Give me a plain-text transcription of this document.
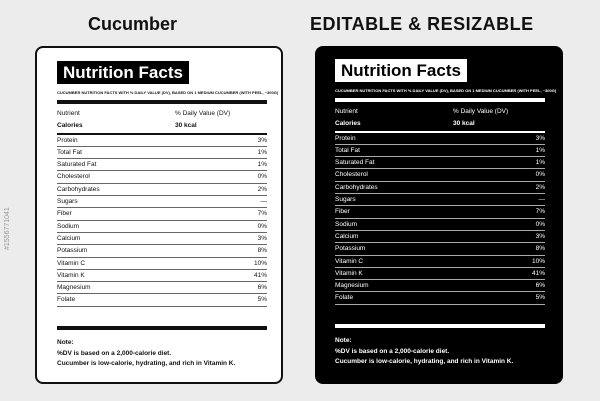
Cucumber	EDITABLE & RESIZABLE
Nutrition Facts
CUCUMBER NUTRITION FACTS WITH % DAILY VALUE (DV), BASED ON 1 MEDIUM CUCUMBER (WITH PEEL, ~300G)
Nutrient	% Daily Value (DV)
Calories	30 kcal
Protein	3%
Total Fat	1%
Saturated Fat	1%
Cholesterol	0%
Carbohydrates	2%
Sugars	—
Fiber	7%
Sodium	0%
Calcium	3%
Potassium	8%
Vitamin C	10%
Vitamin K	41%
Magnesium	6%
Folate	5%
Note:
%DV is based on a 2,000-calorie diet.
Cucumber is low-calorie, hydrating, and rich in Vitamin K.
Nutrition Facts
CUCUMBER NUTRITION FACTS WITH % DAILY VALUE (DV), BASED ON 1 MEDIUM CUCUMBER (WITH PEEL, ~300G)
Nutrient	% Daily Value (DV)
Calories	30 kcal
Protein	3%
Total Fat	1%
Saturated Fat	1%
Cholesterol	0%
Carbohydrates	2%
Sugars	—
Fiber	7%
Sodium	0%
Calcium	3%
Potassium	8%
Vitamin C	10%
Vitamin K	41%
Magnesium	6%
Folate	5%
Note:
%DV is based on a 2,000-calorie diet.
Cucumber is low-calorie, hydrating, and rich in Vitamin K.
#1556771041
